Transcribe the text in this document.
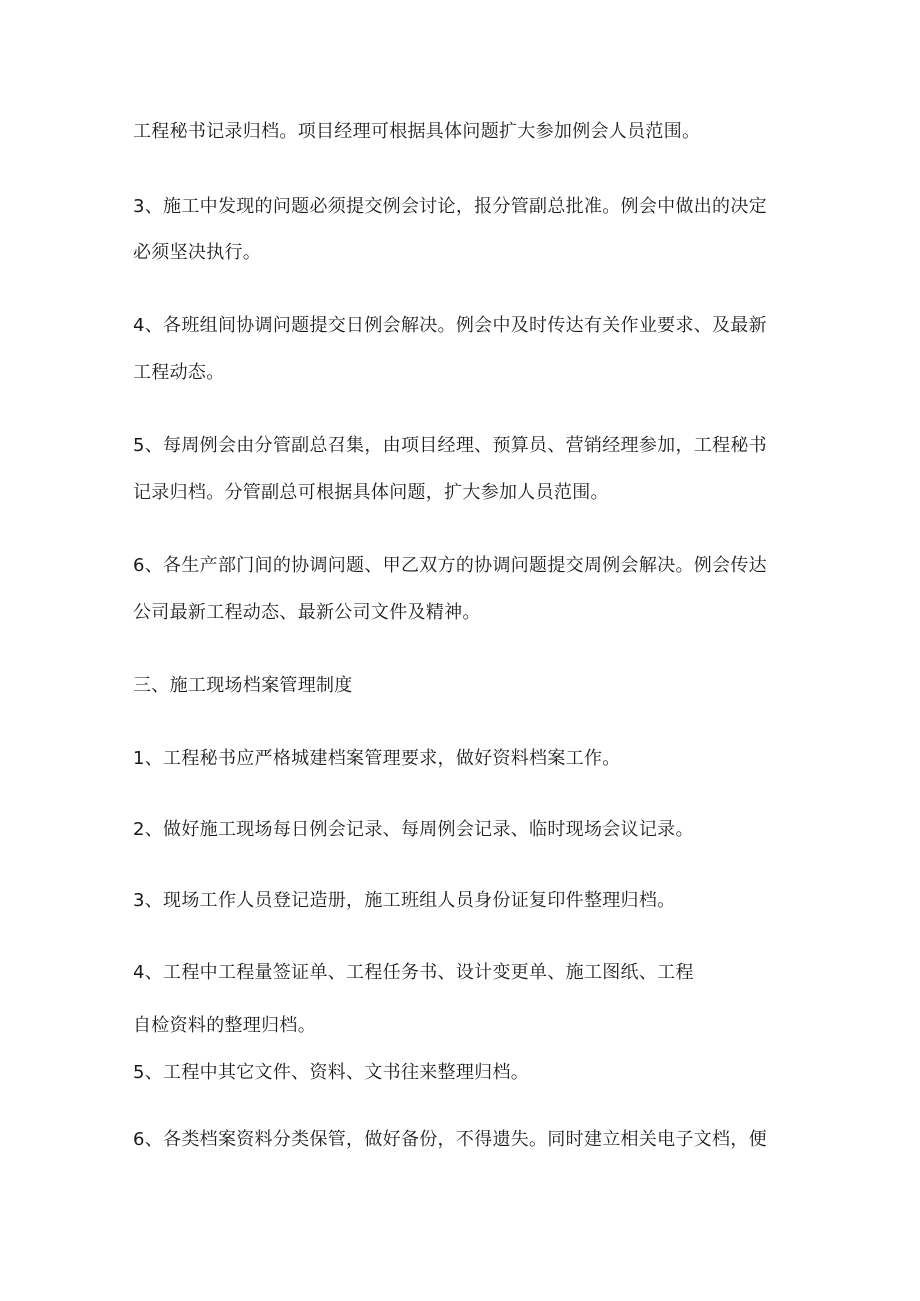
工程秘书记录归档。项目经理可根据具体问题扩大参加例会人员范围。
3、施工中发现的问题必须提交例会讨论，报分管副总批准。例会中做出的决定
必须坚决执行。
4、各班组间协调问题提交日例会解决。例会中及时传达有关作业要求、及最新
工程动态。
5、每周例会由分管副总召集，由项目经理、预算员、营销经理参加，工程秘书
记录归档。分管副总可根据具体问题，扩大参加人员范围。
6、各生产部门间的协调问题、甲乙双方的协调问题提交周例会解决。例会传达
公司最新工程动态、最新公司文件及精神。
三、施工现场档案管理制度
1、工程秘书应严格城建档案管理要求，做好资料档案工作。
2、做好施工现场每日例会记录、每周例会记录、临时现场会议记录。
3、现场工作人员登记造册，施工班组人员身份证复印件整理归档。
4、工程中工程量签证单、工程任务书、设计变更单、施工图纸、工程
自检资料的整理归档。
5、工程中其它文件、资料、文书往来整理归档。
6、各类档案资料分类保管，做好备份，不得遗失。同时建立相关电子文档，便
